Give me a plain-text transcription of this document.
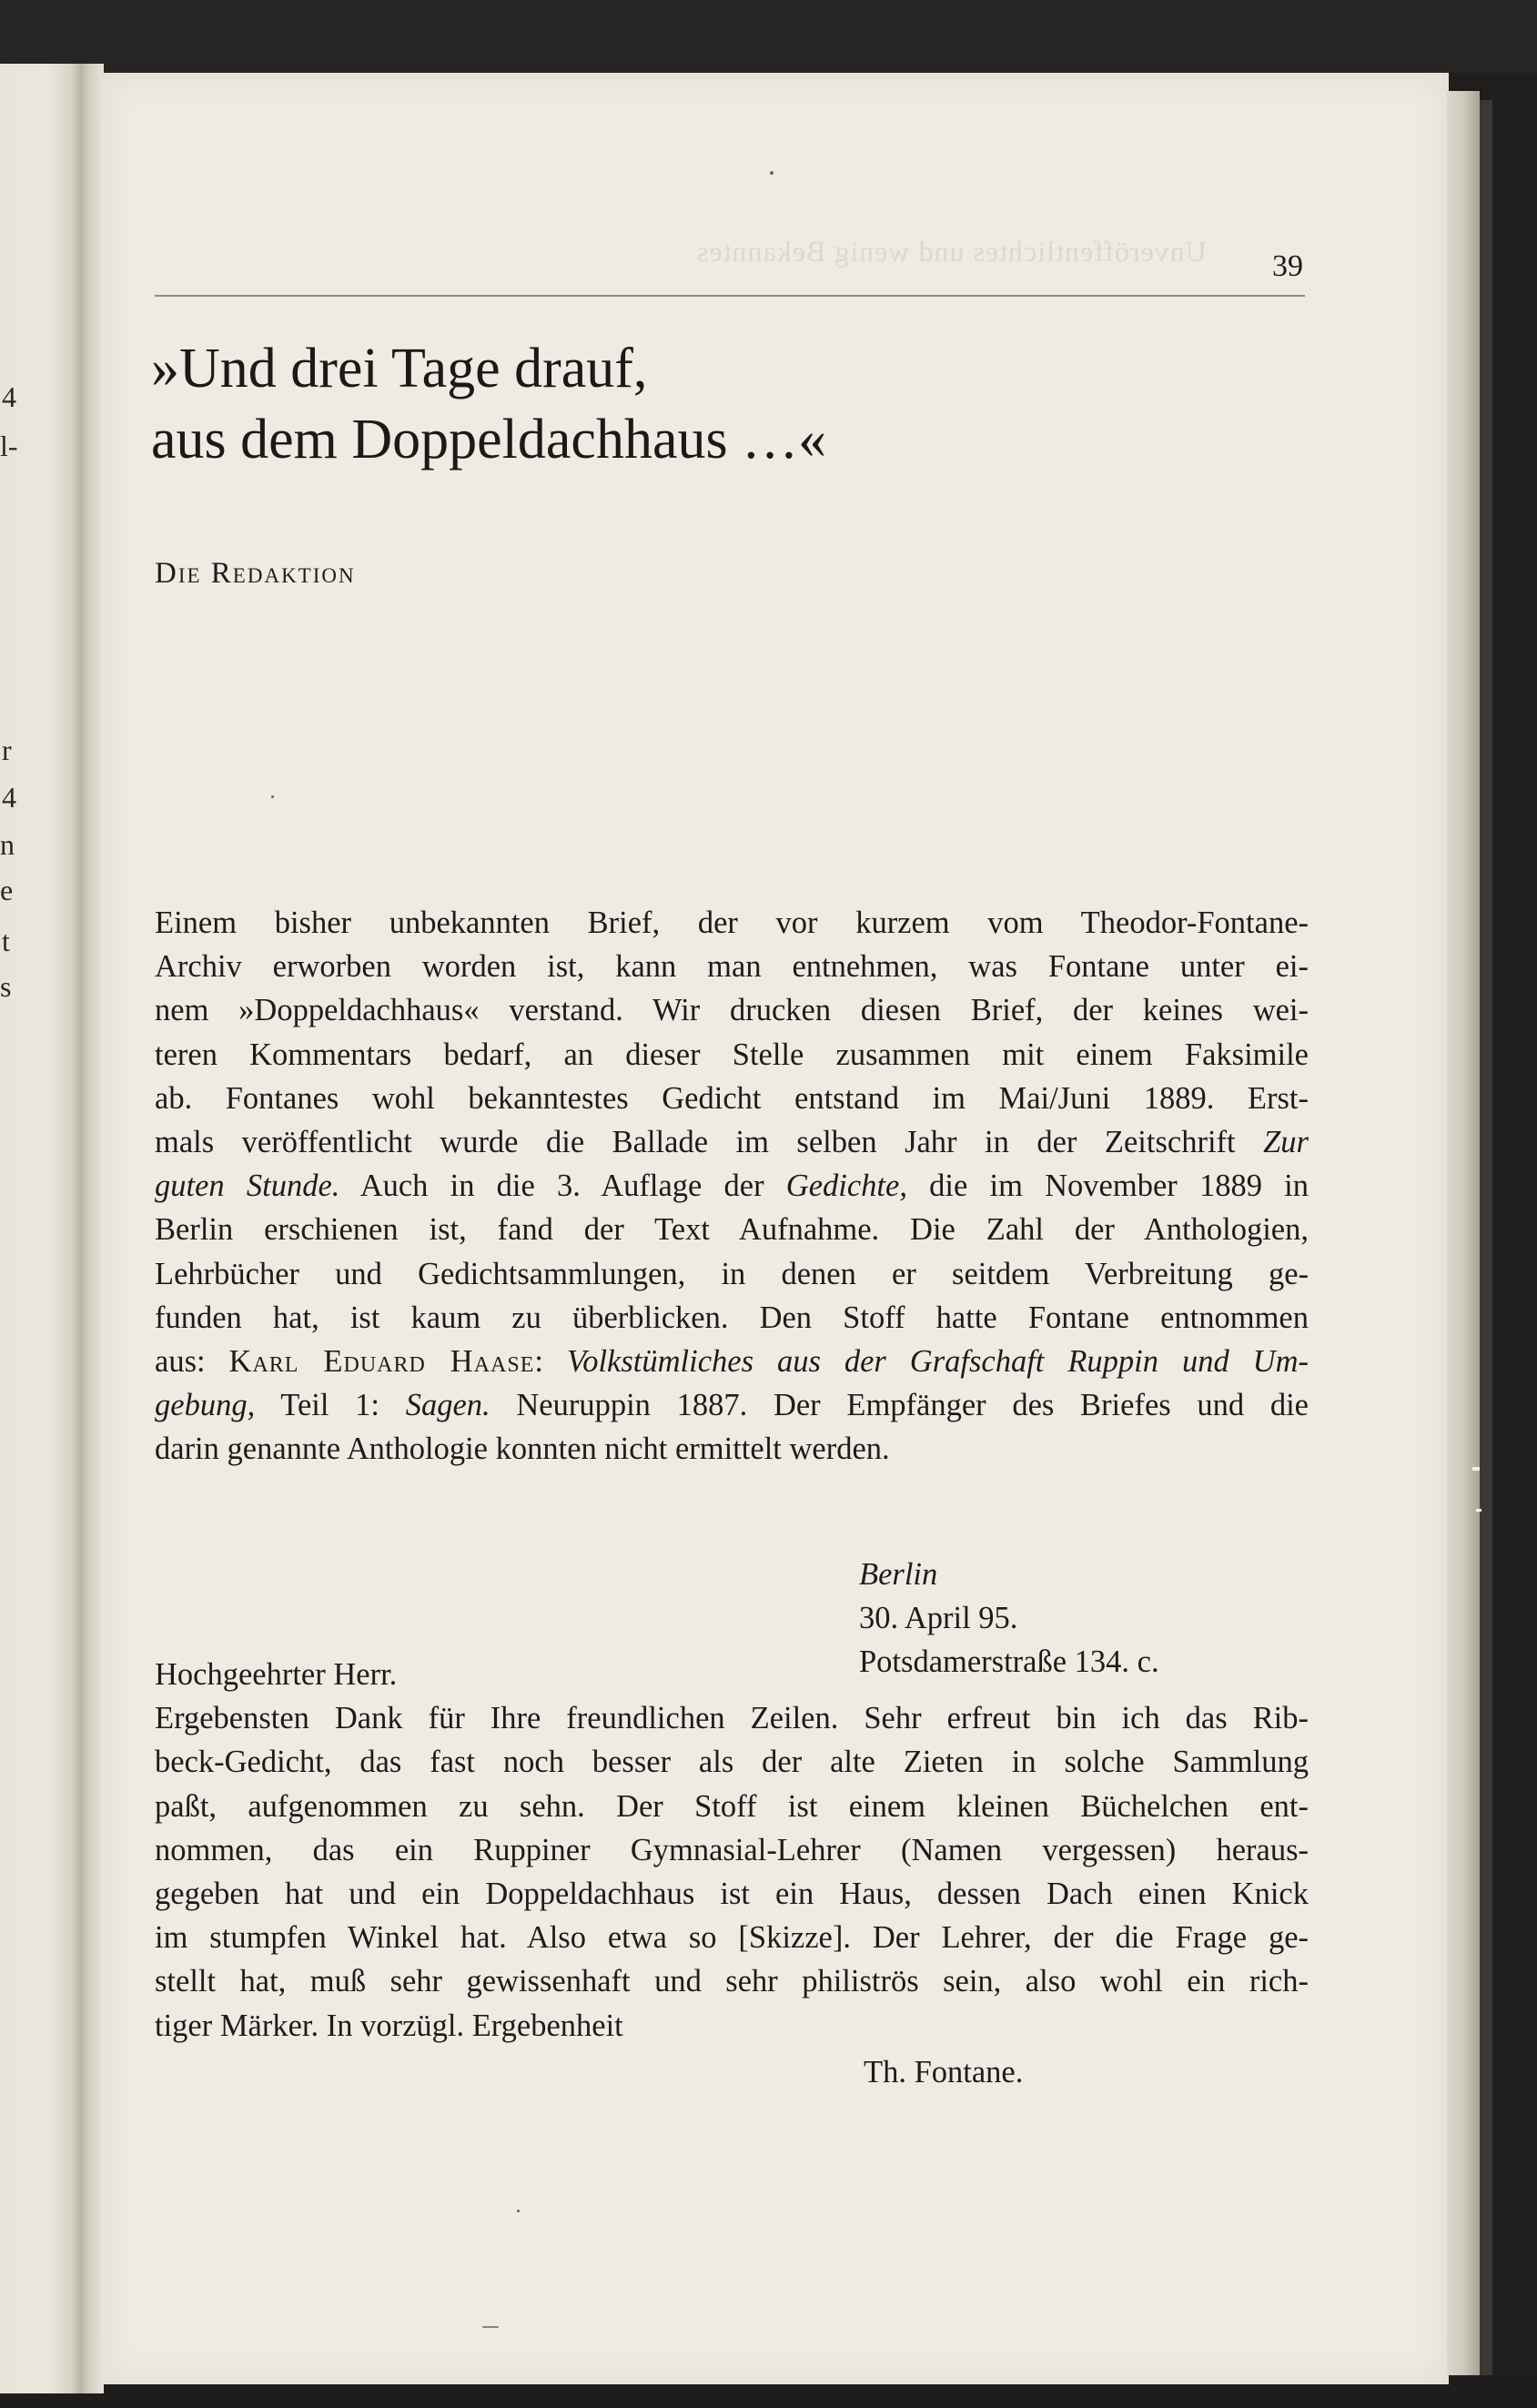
4
l-
r
4
n
e
t
s
Unveröffentlichtes und wenig Bekanntes 39
»Und drei Tage drauf,
aus dem Doppeldachhaus …«
Die Redaktion
Einem bisher unbekannten Brief, der vor kurzem vom Theodor-Fontane-
Archiv erworben worden ist, kann man entnehmen, was Fontane unter ei-
nem »Doppeldachhaus« verstand. Wir drucken diesen Brief, der keines wei-
teren Kommentars bedarf, an dieser Stelle zusammen mit einem Faksimile
ab. Fontanes wohl bekanntestes Gedicht entstand im Mai/Juni 1889. Erst-
mals veröffentlicht wurde die Ballade im selben Jahr in der Zeitschrift Zur
guten Stunde. Auch in die 3. Auflage der Gedichte, die im November 1889 in
Berlin erschienen ist, fand der Text Aufnahme. Die Zahl der Anthologien,
Lehrbücher und Gedichtsammlungen, in denen er seitdem Verbreitung ge-
funden hat, ist kaum zu überblicken. Den Stoff hatte Fontane entnommen
aus: Karl Eduard Haase: Volkstümliches aus der Grafschaft Ruppin und Um-
gebung, Teil 1: Sagen. Neuruppin 1887. Der Empfänger des Briefes und die
darin genannte Anthologie konnten nicht ermittelt werden.
Berlin
30. April 95.
Potsdamerstraße 134. c.
Hochgeehrter Herr.
Ergebensten Dank für Ihre freundlichen Zeilen. Sehr erfreut bin ich das Rib-
beck-Gedicht, das fast noch besser als der alte Zieten in solche Sammlung
paßt, aufgenommen zu sehn. Der Stoff ist einem kleinen Büchelchen ent-
nommen, das ein Ruppiner Gymnasial-Lehrer (Namen vergessen) heraus-
gegeben hat und ein Doppeldachhaus ist ein Haus, dessen Dach einen Knick
im stumpfen Winkel hat. Also etwa so [Skizze]. Der Lehrer, der die Frage ge-
stellt hat, muß sehr gewissenhaft und sehr philiströs sein, also wohl ein rich-
tiger Märker. In vorzügl. Ergebenheit
Th. Fontane.
